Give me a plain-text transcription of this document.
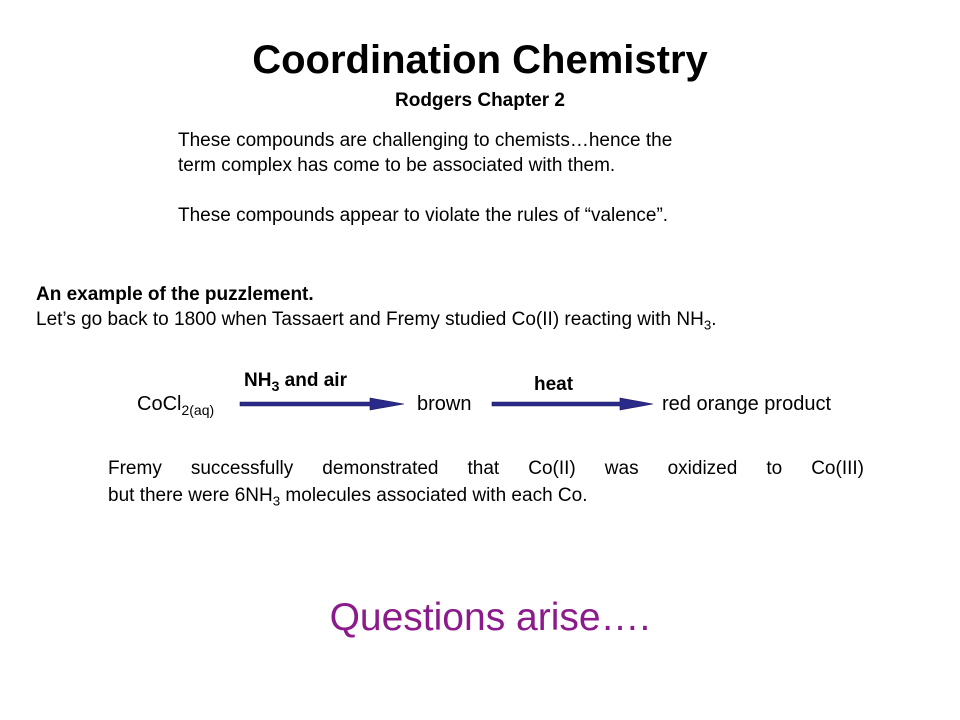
Coordination Chemistry
Rodgers Chapter 2

These compounds are challenging to chemists…hence the

term complex has come to be associated with them.

These compounds appear to violate the rules of “valence”.

An example of the puzzlement.
Let’s go back to 1800 when Tassaert and Fremy studied Co(II) reacting with $NH_3$.
CoCl$_{2(aq)}$
$NH_3$ and air
brown
heat
red orange product
Fremy successfully demonstrated that Co(II) was oxidized to Co(III)
but there were $6NH_3$ molecules associated with each Co.
Questions arise….
